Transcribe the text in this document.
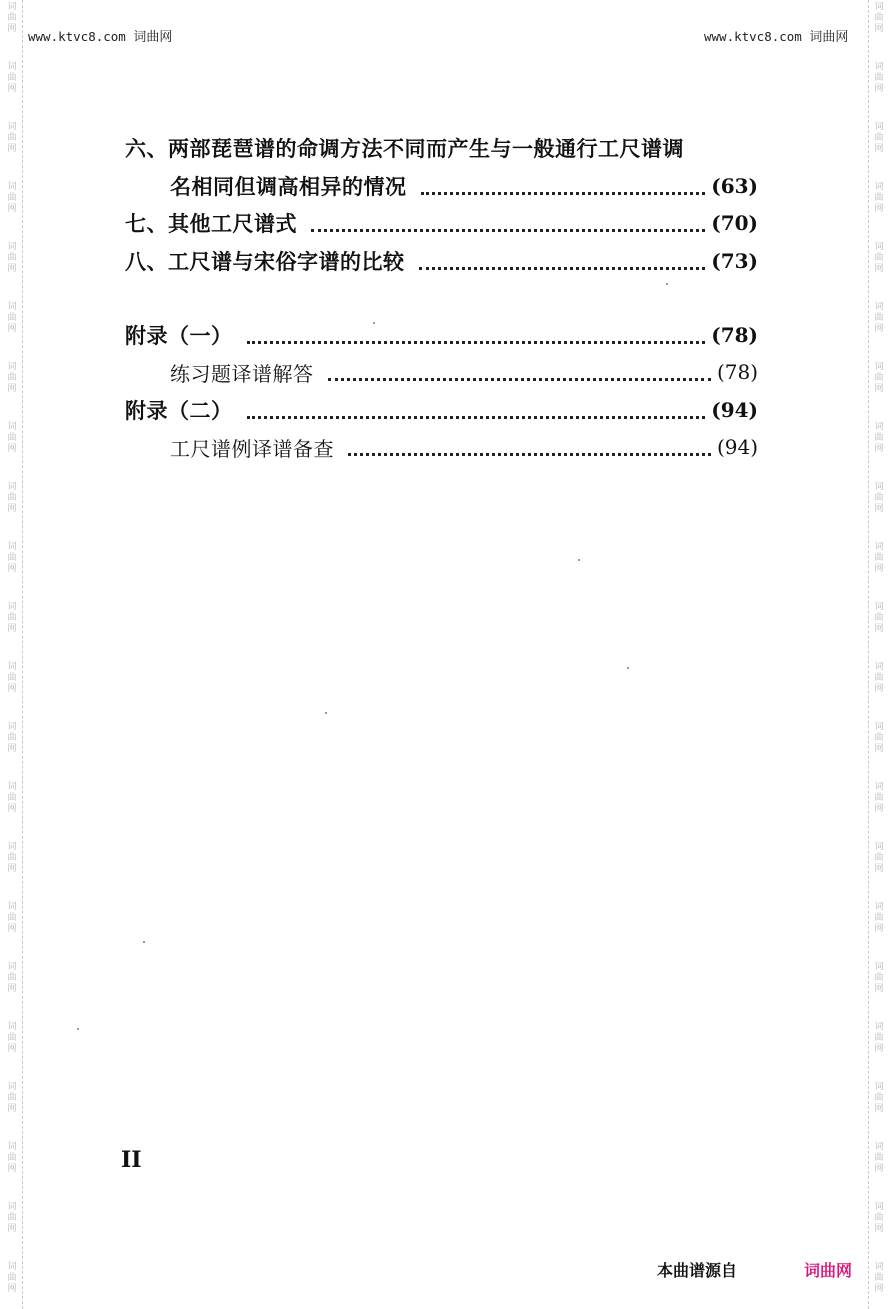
词
曲
网
词
曲
网
词
曲
网
词
曲
网
词
曲
网
词
曲
网
词
曲
网
词
曲
网
词
曲
网
词
曲
网
词
曲
网
词
曲
网
词
曲
网
词
曲
网
词
曲
网
词
曲
网
词
曲
网
词
曲
网
词
曲
网
词
曲
网
词
曲
网
词
曲
网
词
曲
网
词
曲
网
词
曲
网
词
曲
网
词
曲
网
词
曲
网
词
曲
网
词
曲
网
词
曲
网
词
曲
网
词
曲
网
词
曲
网
词
曲
网
词
曲
网
词
曲
网
词
曲
网
词
曲
网
词
曲
网
词
曲
网
词
曲
网
词
曲
网
词
曲
网
www.ktvc8.com 词曲网	www.ktvc8.com 词曲网
六、两部琵琶谱的命调方法不同而产生与一般通行工尺谱调
名相同但调高相异的情况	(63)
七、其他工尺谱式	(70)
八、工尺谱与宋俗字谱的比较	(73)
附录（一）	(78)
练习题译谱解答	(78)
附录（二）	(94)
工尺谱例译谱备查	(94)
II
本曲谱源自	词曲网
